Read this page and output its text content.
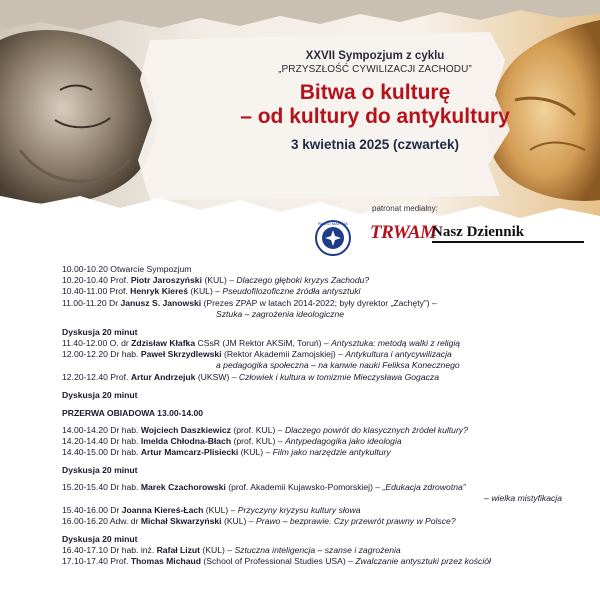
XXVII Sympozjum z cyklu
„PRZYSZŁOŚĆ CYWILIZACJI ZACHODU”
Bitwa o kulturę
– od kultury do antykultury
3 kwietnia 2025 (czwartek)
patronat medialny:
RADIO MARYJA TRWAM
Nasz Dziennik
10.00-10.20 Otwarcie Sympozjum
10.20-10.40 Prof. Piotr Jaroszyński (KUL) – Dlaczego głęboki kryzys Zachodu?
10.40-11.00 Prof. Henryk Kiereś (KUL) – Pseudofilozoficzne źródła antysztuki
11.00-11.20 Dr Janusz S. Janowski (Prezes ZPAP w latach 2014-2022; były dyrektor „Zachęty”) –
Sztuka – zagrożenia ideologiczne
Dyskusja 20 minut
11.40-12.00 O. dr Zdzisław Kłafka CSsR (JM Rektor AKSiM, Toruń) – Antysztuka: metodą walki z religią
12.00-12.20 Dr hab. Paweł Skrzydlewski (Rektor Akademii Zamojskiej) – Antykultura i antycywilizacja
a pedagogika społeczna – na kanwie nauki Feliksa Konecznego
12.20-12.40 Prof. Artur Andrzejuk (UKSW) – Człowiek i kultura w tomizmie Mieczysława Gogacza
Dyskusja 20 minut
PRZERWA OBIADOWA 13.00-14.00
14.00-14.20 Dr hab. Wojciech Daszkiewicz (prof. KUL) – Dlaczego powrót do klasycznych źródeł kultury?
14.20-14.40 Dr hab. Imelda Chłodna-Błach (prof. KUL) – Antypedagogika jako ideologia
14.40-15.00 Dr hab. Artur Mamcarz-Plisiecki (KUL) – Film jako narzędzie antykultury
Dyskusja 20 minut
15.20-15.40 Dr hab. Marek Czachorowski (prof. Akademii Kujawsko-Pomorskiej) – „Edukacja zdrowotna”
– wielka mistyfikacja
15.40-16.00 Dr Joanna Kiereś-Łach (KUL) – Przyczyny kryzysu kultury słowa
16.00-16.20 Adw. dr Michał Skwarzyński (KUL) – Prawo – bezprawie. Czy przewrót prawny w Polsce?
Dyskusja 20 minut
16.40-17.10 Dr hab. inż. Rafał Lizut (KUL) – Sztuczna inteligencja – szanse i zagrożenia
17.10-17.40 Prof. Thomas Michaud (School of Professional Studies USA) – Zwalczanie antysztuki przez kościół
